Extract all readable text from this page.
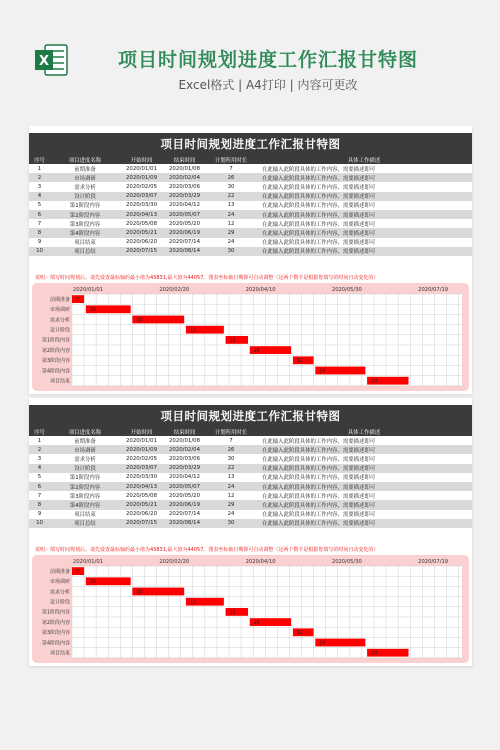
X	项目时间规划进度工作汇报甘特图
Excel格式 | A4打印 | 内容可更改
项目时间规划进度工作汇报甘特图
序号	项目进度名称	开始时间	结束时间	计划所用时长	具体工作描述
1	前期准备	2020/01/01	2020/01/08	7	在此输入此阶段具体的工作内容，需要描述即可
2	市场调研	2020/01/09	2020/02/04	26	在此输入此阶段具体的工作内容，需要描述即可
3	需求分析	2020/02/05	2020/03/06	30	在此输入此阶段具体的工作内容，需要描述即可
4	设计阶段	2020/03/07	2020/03/29	22	在此输入此阶段具体的工作内容，需要描述即可
5	第1阶段内容	2020/03/30	2020/04/12	13	在此输入此阶段具体的工作内容，需要描述即可
6	第2阶段内容	2020/04/13	2020/05/07	24	在此输入此阶段具体的工作内容，需要描述即可
7	第3阶段内容	2020/05/08	2020/05/20	12	在此输入此阶段具体的工作内容，需要描述即可
8	第4阶段内容	2020/05/21	2020/06/19	29	在此输入此阶段具体的工作内容，需要描述即可
9	项目结束	2020/06/20	2020/07/14	24	在此输入此阶段具体的工作内容，需要描述即可
10	项目总结	2020/07/15	2020/08/14	30	在此输入此阶段具体的工作内容，需要描述即可
说明：填写时间规划后。请先设置最标轴的最小值为43831,最大值为44057。图表坐标轴日期即可自动调整（这两个数字是根据您填写的时间自动变化的）
2020/01/01	2020/02/20	2020/04/10	2020/05/30	2020/07/19
前期准备 7
市场调研	26
需求分析	30
设计阶段	22
第1阶段内容	13
第2阶段内容	24
第3阶段内容	12
第4阶段内容	29
项目结束	24
项目时间规划进度工作汇报甘特图
序号	项目进度名称	开始时间	结束时间	计划所用时长	具体工作描述
1	前期准备	2020/01/01	2020/01/08	7	在此输入此阶段具体的工作内容，需要描述即可
2	市场调研	2020/01/09	2020/02/04	26	在此输入此阶段具体的工作内容，需要描述即可
3	需求分析	2020/02/05	2020/03/06	30	在此输入此阶段具体的工作内容，需要描述即可
4	设计阶段	2020/03/07	2020/03/29	22	在此输入此阶段具体的工作内容，需要描述即可
5	第1阶段内容	2020/03/30	2020/04/12	13	在此输入此阶段具体的工作内容，需要描述即可
6	第2阶段内容	2020/04/13	2020/05/07	24	在此输入此阶段具体的工作内容，需要描述即可
7	第3阶段内容	2020/05/08	2020/05/20	12	在此输入此阶段具体的工作内容，需要描述即可
8	第4阶段内容	2020/05/21	2020/06/19	29	在此输入此阶段具体的工作内容，需要描述即可
9	项目结束	2020/06/20	2020/07/14	24	在此输入此阶段具体的工作内容，需要描述即可
10	项目总结	2020/07/15	2020/08/14	30	在此输入此阶段具体的工作内容，需要描述即可
说明：填写时间规划后。请先设置最标轴的最小值为43831,最大值为44057。图表坐标轴日期即可自动调整（这两个数字是根据您填写的时间自动变化的）
2020/01/01	2020/02/20	2020/04/10	2020/05/30	2020/07/19
前期准备 7
市场调研	26
需求分析	30
设计阶段	22
第1阶段内容	13
第2阶段内容	24
第3阶段内容	12
第4阶段内容	29
项目结束	24
